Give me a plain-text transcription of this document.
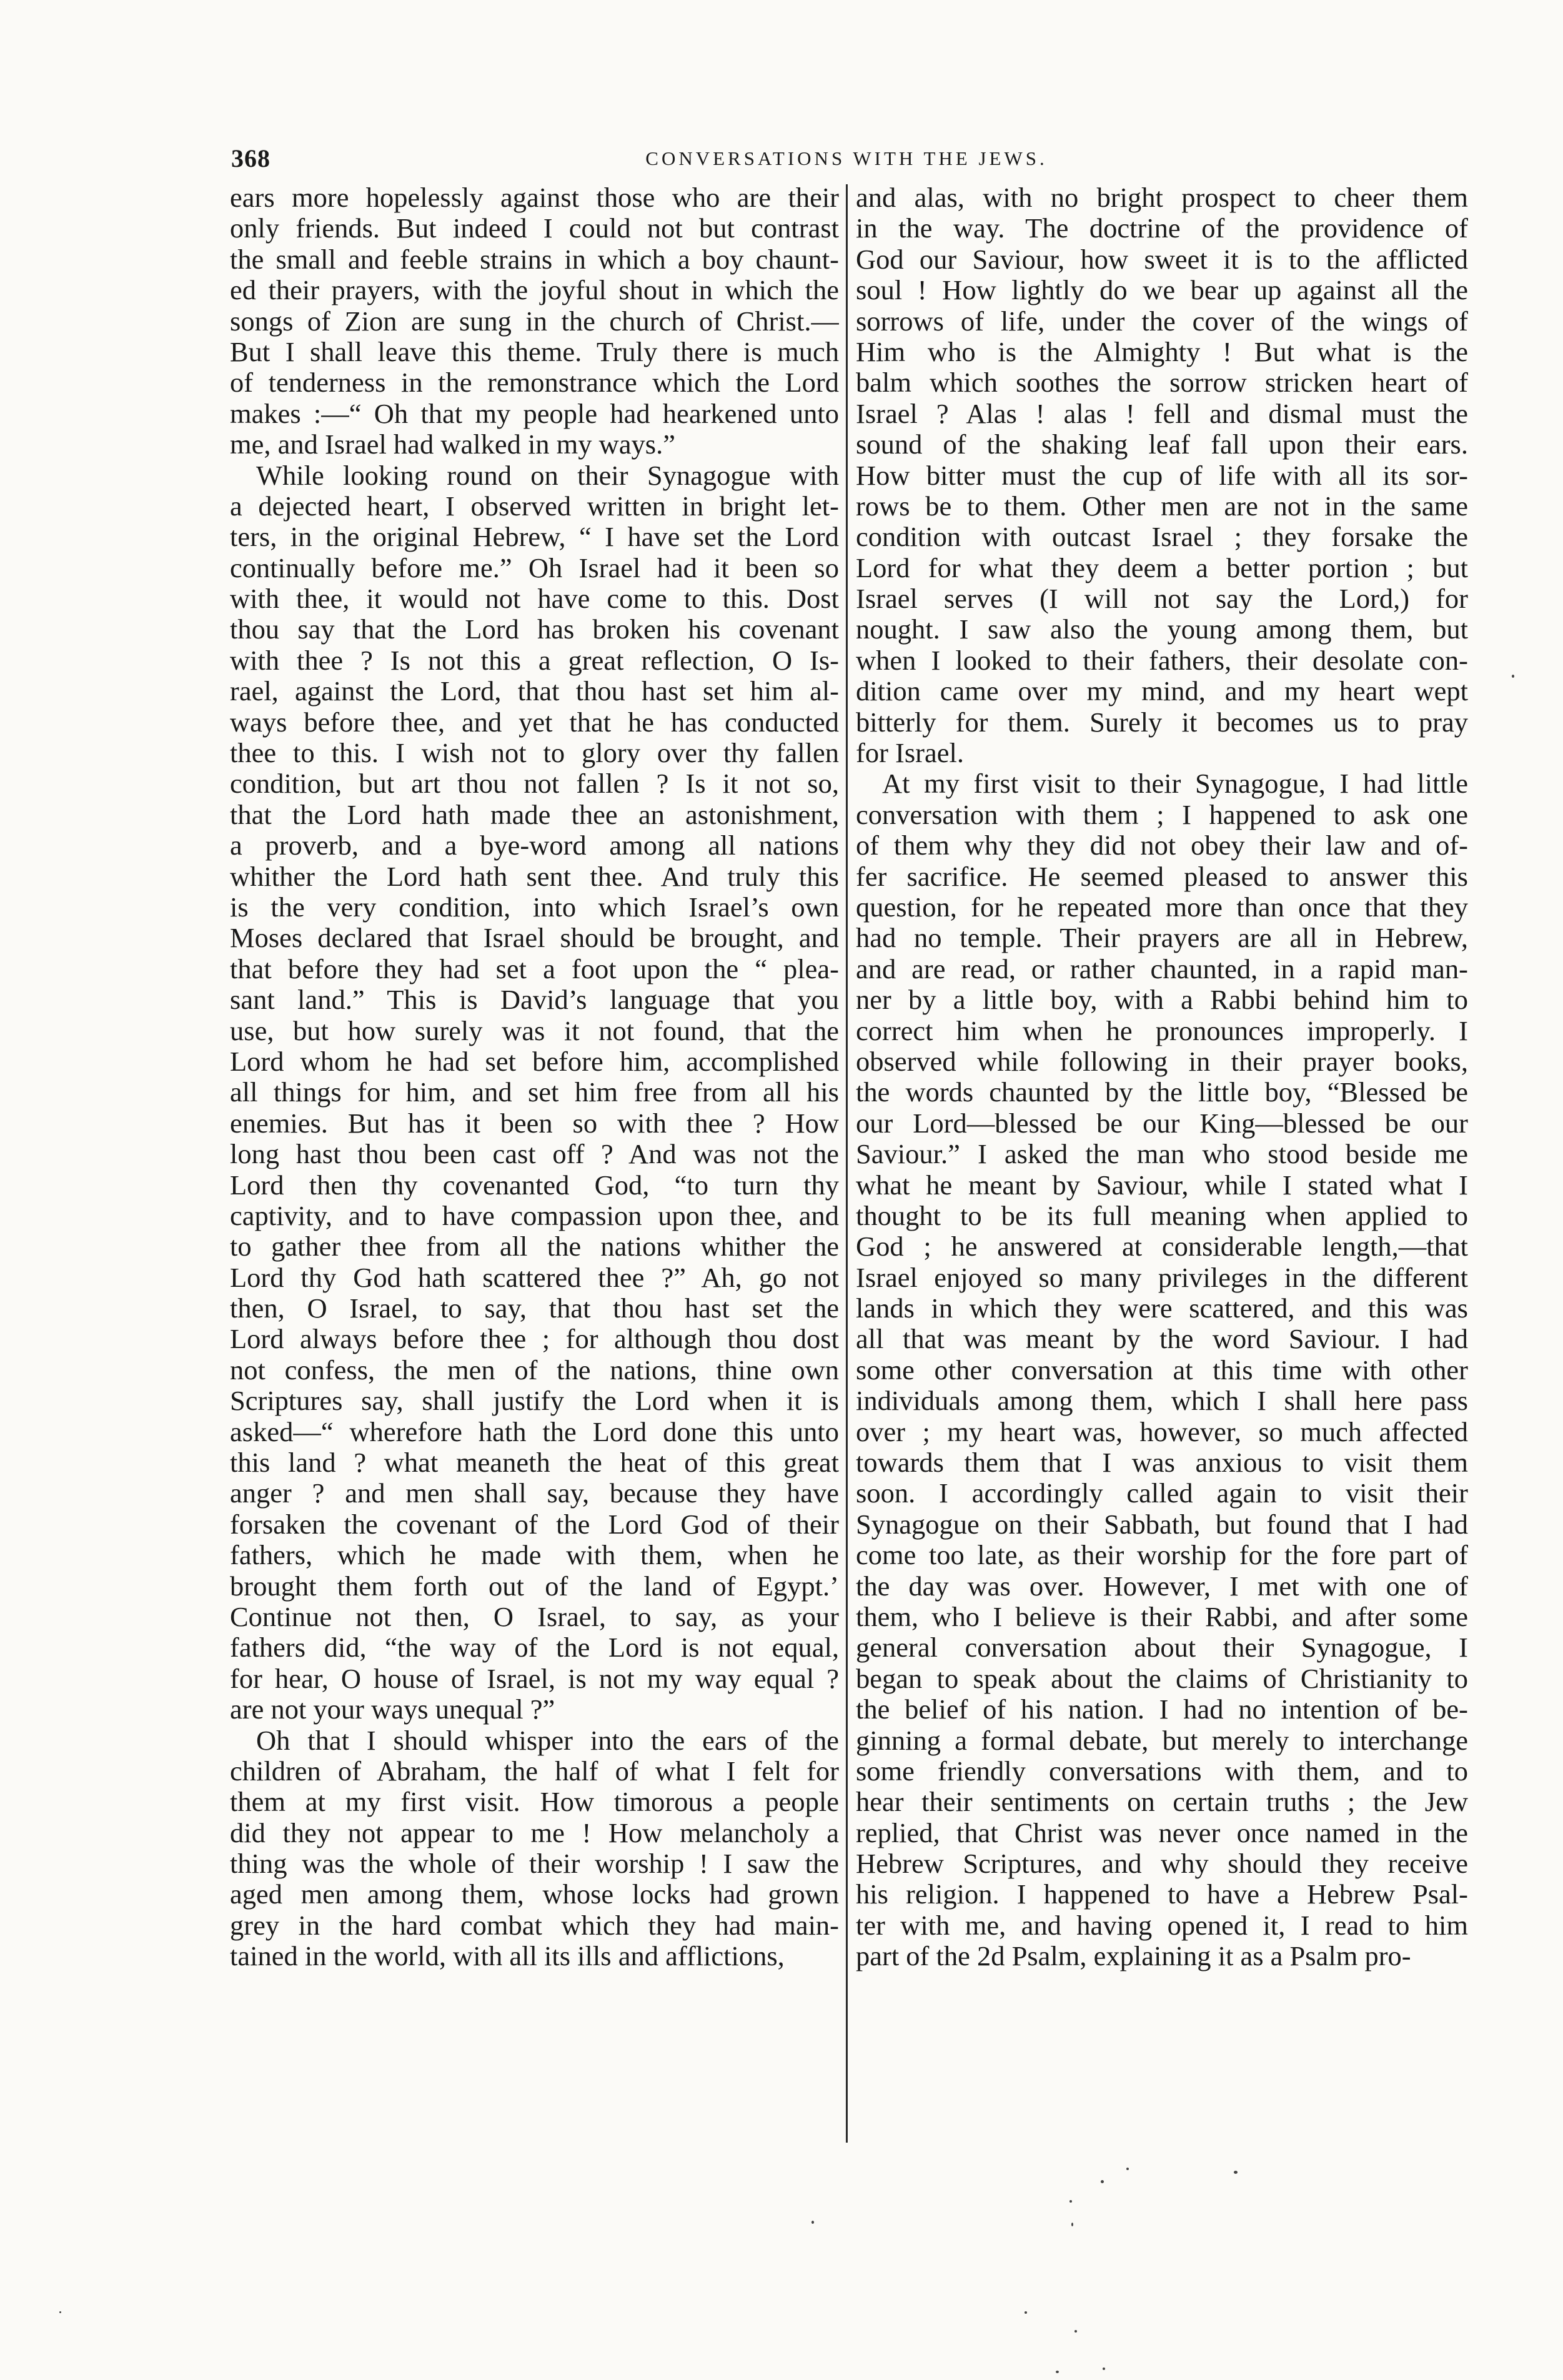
368	CONVERSATIONS WITH THE JEWS.
ears more hopelessly against those who are their
only friends. But indeed I could not but contrast
the small and feeble strains in which a boy chaunt-
ed their prayers, with the joyful shout in which the
songs of Zion are sung in the church of Christ.—
But I shall leave this theme. Truly there is much
of tenderness in the remonstrance which the Lord
makes :—“ Oh that my people had hearkened unto
me, and Israel had walked in my ways.”
While looking round on their Synagogue with
a dejected heart, I observed written in bright let-
ters, in the original Hebrew, “ I have set the Lord
continually before me.” Oh Israel had it been so
with thee, it would not have come to this. Dost
thou say that the Lord has broken his covenant
with thee ? Is not this a great reflection, O Is-
rael, against the Lord, that thou hast set him al-
ways before thee, and yet that he has conducted
thee to this. I wish not to glory over thy fallen
condition, but art thou not fallen ? Is it not so,
that the Lord hath made thee an astonishment,
a proverb, and a bye-word among all nations
whither the Lord hath sent thee. And truly this
is the very condition, into which Israel’s own
Moses declared that Israel should be brought, and
that before they had set a foot upon the “ plea-
sant land.” This is David’s language that you
use, but how surely was it not found, that the
Lord whom he had set before him, accomplished
all things for him, and set him free from all his
enemies. But has it been so with thee ? How
long hast thou been cast off ? And was not the
Lord then thy covenanted God, “to turn thy
captivity, and to have compassion upon thee, and
to gather thee from all the nations whither the
Lord thy God hath scattered thee ?” Ah, go not
then, O Israel, to say, that thou hast set the
Lord always before thee ; for although thou dost
not confess, the men of the nations, thine own
Scriptures say, shall justify the Lord when it is
asked—“ wherefore hath the Lord done this unto
this land ? what meaneth the heat of this great
anger ? and men shall say, because they have
forsaken the covenant of the Lord God of their
fathers, which he made with them, when he
brought them forth out of the land of Egypt.’
Continue not then, O Israel, to say, as your
fathers did, “the way of the Lord is not equal,
for hear, O house of Israel, is not my way equal ?
are not your ways unequal ?”
Oh that I should whisper into the ears of the
children of Abraham, the half of what I felt for
them at my first visit. How timorous a people
did they not appear to me ! How melancholy a
thing was the whole of their worship ! I saw the
aged men among them, whose locks had grown
grey in the hard combat which they had main-
tained in the world, with all its ills and afflictions,
and alas, with no bright prospect to cheer them
in the way. The doctrine of the providence of
God our Saviour, how sweet it is to the afflicted
soul ! How lightly do we bear up against all the
sorrows of life, under the cover of the wings of
Him who is the Almighty ! But what is the
balm which soothes the sorrow stricken heart of
Israel ? Alas ! alas ! fell and dismal must the
sound of the shaking leaf fall upon their ears.
How bitter must the cup of life with all its sor-
rows be to them. Other men are not in the same
condition with outcast Israel ; they forsake the
Lord for what they deem a better portion ; but
Israel serves (I will not say the Lord,) for
nought. I saw also the young among them, but
when I looked to their fathers, their desolate con-
dition came over my mind, and my heart wept
bitterly for them. Surely it becomes us to pray
for Israel.
At my first visit to their Synagogue, I had little
conversation with them ; I happened to ask one
of them why they did not obey their law and of-
fer sacrifice. He seemed pleased to answer this
question, for he repeated more than once that they
had no temple. Their prayers are all in Hebrew,
and are read, or rather chaunted, in a rapid man-
ner by a little boy, with a Rabbi behind him to
correct him when he pronounces improperly. I
observed while following in their prayer books,
the words chaunted by the little boy, “Blessed be
our Lord—blessed be our King—blessed be our
Saviour.” I asked the man who stood beside me
what he meant by Saviour, while I stated what I
thought to be its full meaning when applied to
God ; he answered at considerable length,—that
Israel enjoyed so many privileges in the different
lands in which they were scattered, and this was
all that was meant by the word Saviour. I had
some other conversation at this time with other
individuals among them, which I shall here pass
over ; my heart was, however, so much affected
towards them that I was anxious to visit them
soon. I accordingly called again to visit their
Synagogue on their Sabbath, but found that I had
come too late, as their worship for the fore part of
the day was over. However, I met with one of
them, who I believe is their Rabbi, and after some
general conversation about their Synagogue, I
began to speak about the claims of Christianity to
the belief of his nation. I had no intention of be-
ginning a formal debate, but merely to interchange
some friendly conversations with them, and to
hear their sentiments on certain truths ; the Jew
replied, that Christ was never once named in the
Hebrew Scriptures, and why should they receive
his religion. I happened to have a Hebrew Psal-
ter with me, and having opened it, I read to him
part of the 2d Psalm, explaining it as a Psalm pro-
